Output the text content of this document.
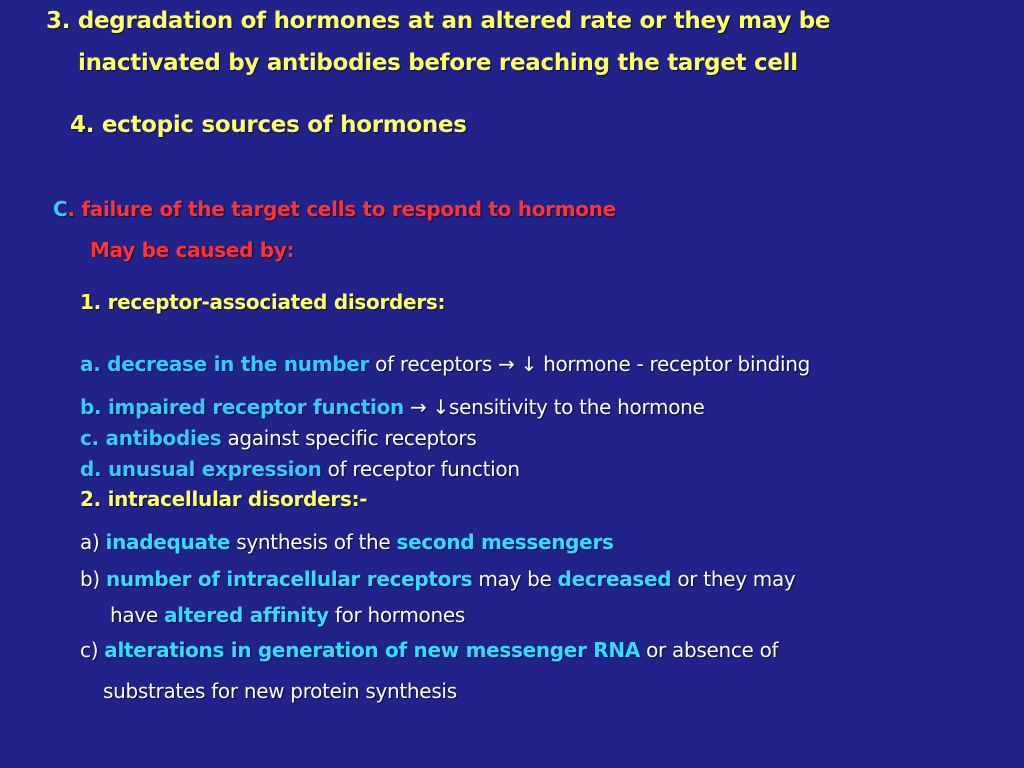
3. degradation of hormones at an altered rate or they may be
inactivated by antibodies before reaching the target cell
4. ectopic sources of hormones
C. failure of the target cells to respond to hormone
May be caused by:
1. receptor-associated disorders:
a. decrease in the number of receptors → ↓ hormone - receptor binding
b. impaired receptor function → ↓sensitivity to the hormone
c. antibodies against specific receptors
d. unusual expression of receptor function
2. intracellular disorders:-
a) inadequate synthesis of the second messengers
b) number of intracellular receptors may be decreased or they may
have altered affinity for hormones
c) alterations in generation of new messenger RNA or absence of
substrates for new protein synthesis
